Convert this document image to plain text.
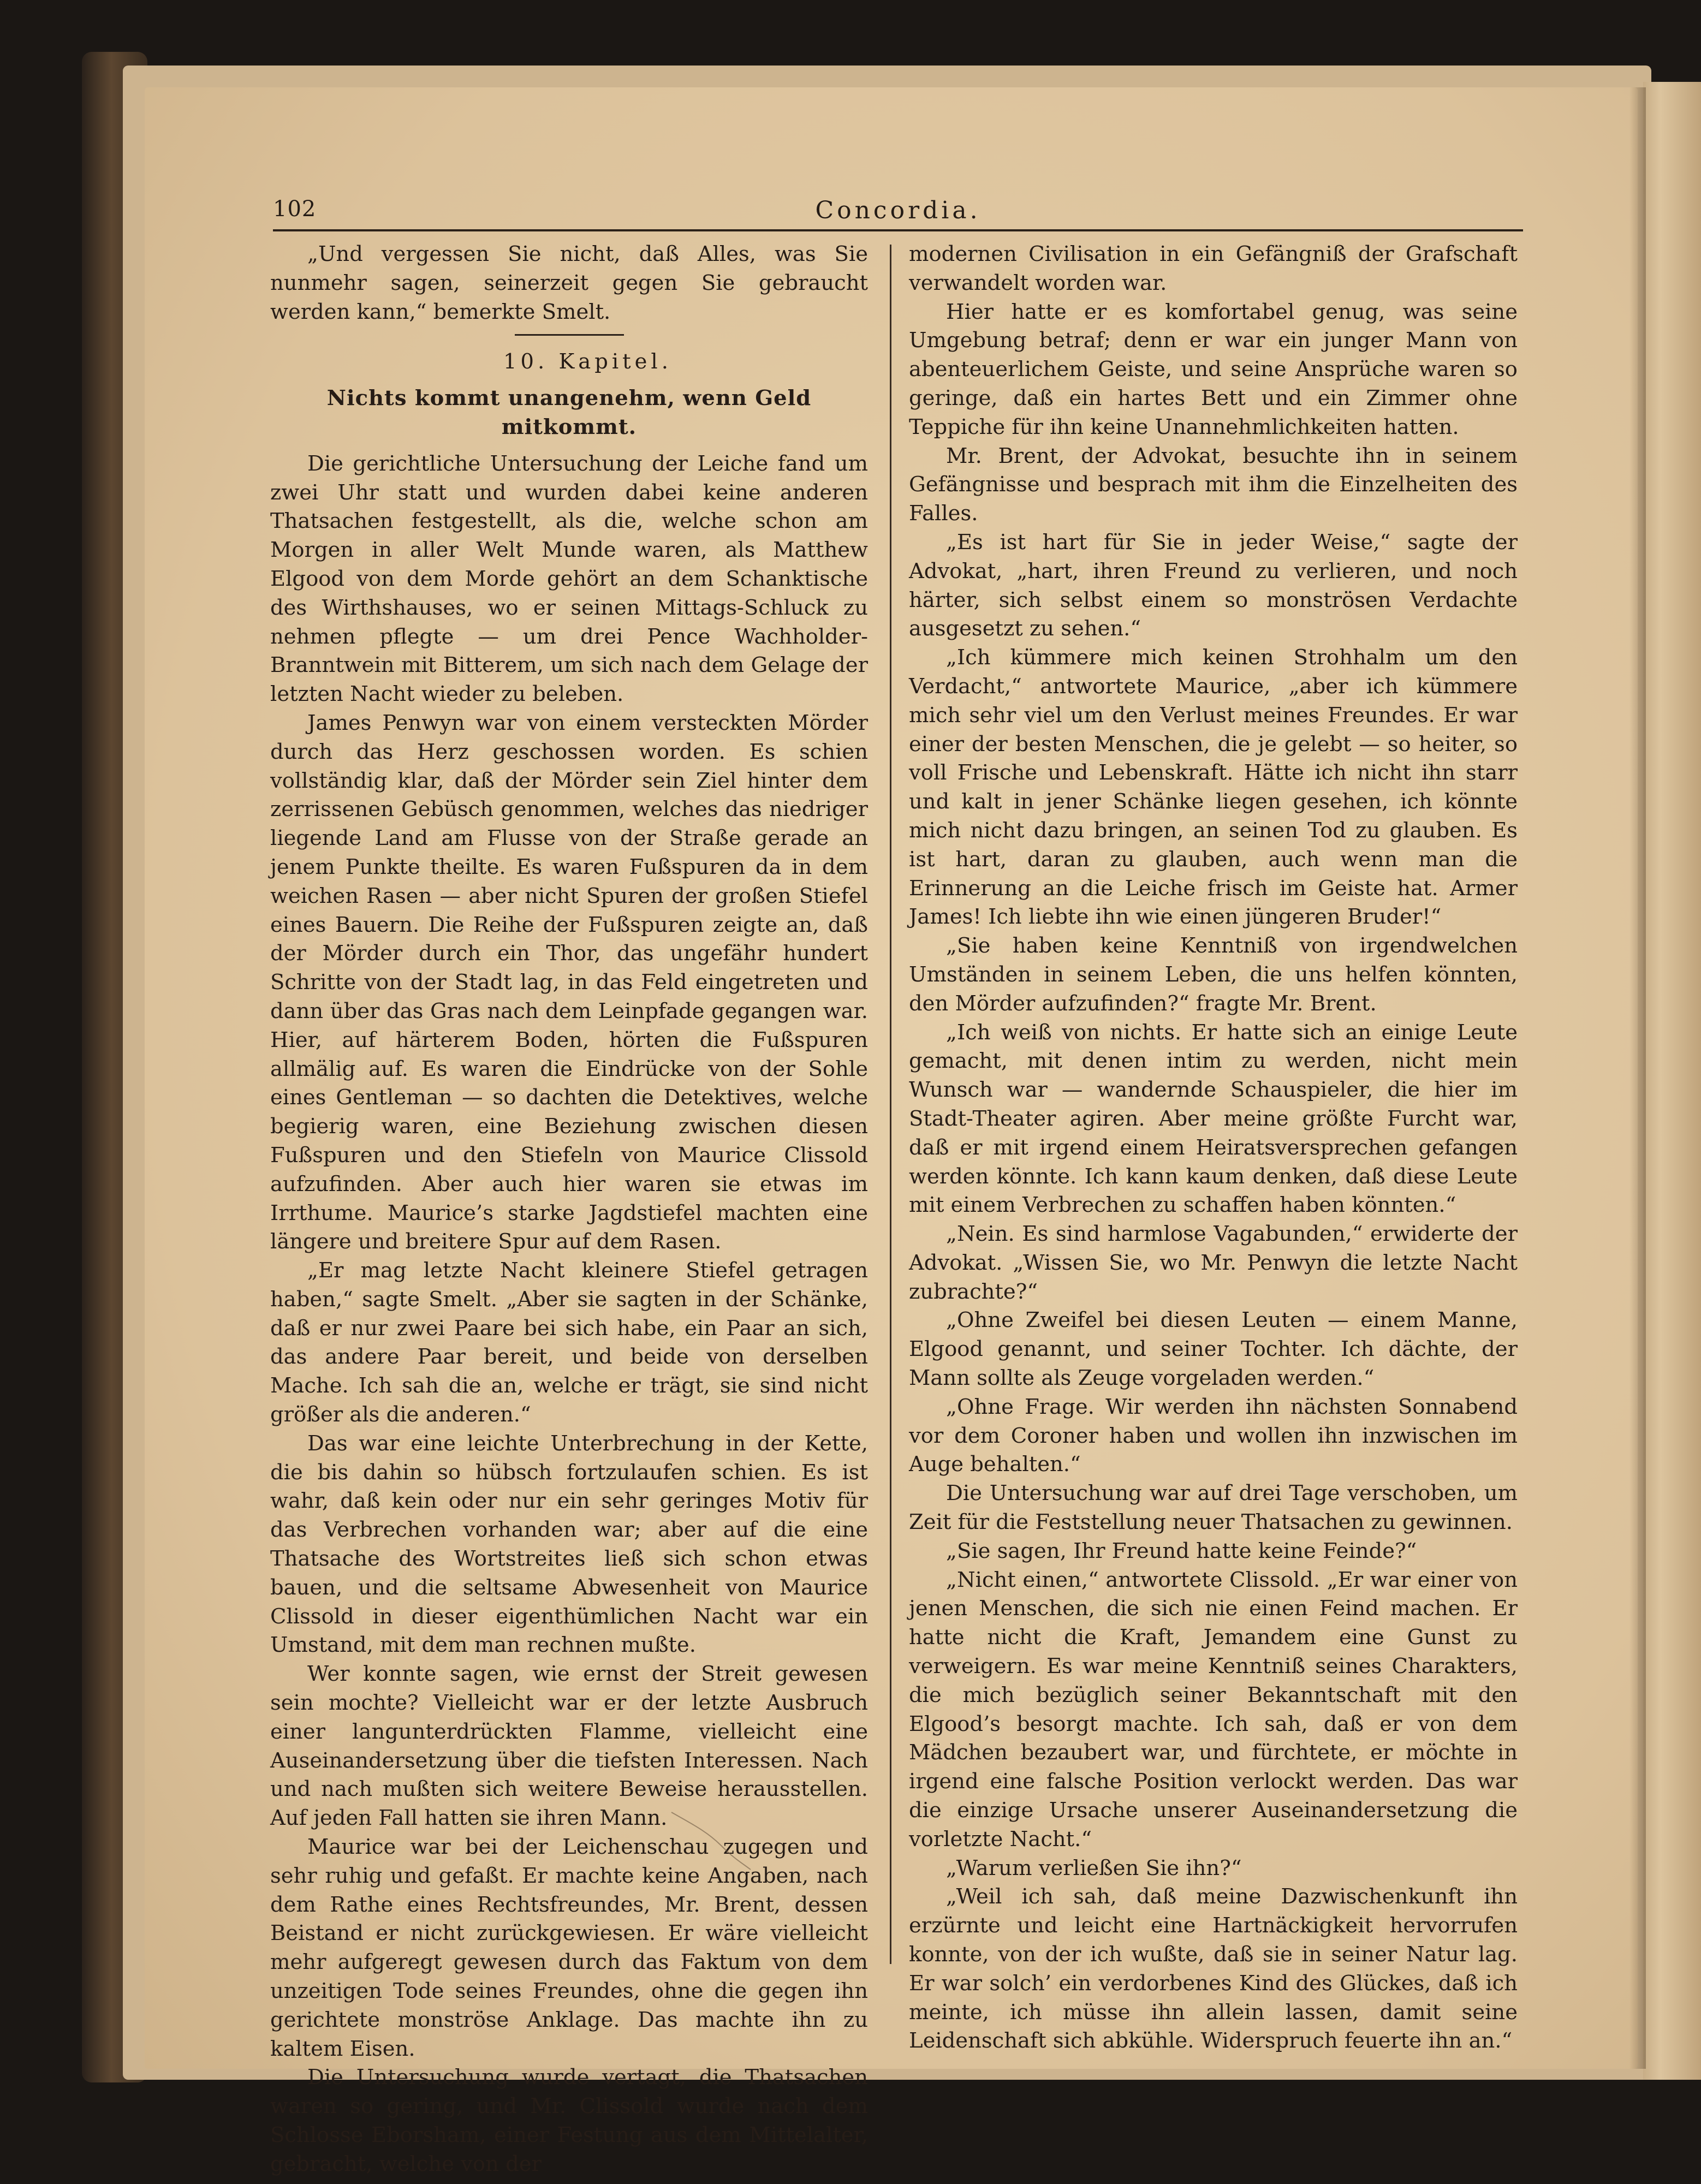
102	Concordia.

„Und vergessen Sie nicht, daß Alles, was Sie nunmehr sagen, seinerzeit gegen Sie gebraucht werden kann,“ bemerkte Smelt.

10. Kapitel.

Nichts kommt unangenehm, wenn Geld mitkommt.

Die gerichtliche Untersuchung der Leiche fand um zwei Uhr statt und wurden dabei keine anderen Thatsachen festgestellt, als die, welche schon am Morgen in aller Welt Munde waren, als Matthew Elgood von dem Morde gehört an dem Schanktische des Wirthshauses, wo er seinen Mittags-Schluck zu nehmen pflegte — um drei Pence Wachholder-Branntwein mit Bitterem, um sich nach dem Gelage der letzten Nacht wieder zu beleben.

James Penwyn war von einem versteckten Mörder durch das Herz geschossen worden. Es schien vollständig klar, daß der Mörder sein Ziel hinter dem zerrissenen Gebüsch genommen, welches das niedriger liegende Land am Flusse von der Straße gerade an jenem Punkte theilte. Es waren Fußspuren da in dem weichen Rasen — aber nicht Spuren der großen Stiefel eines Bauern. Die Reihe der Fußspuren zeigte an, daß der Mörder durch ein Thor, das ungefähr hundert Schritte von der Stadt lag, in das Feld eingetreten und dann über das Gras nach dem Leinpfade gegangen war. Hier, auf härterem Boden, hörten die Fußspuren allmälig auf. Es waren die Eindrücke von der Sohle eines Gentleman — so dachten die Detektives, welche begierig waren, eine Beziehung zwischen diesen Fußspuren und den Stiefeln von Maurice Clissold aufzufinden. Aber auch hier waren sie etwas im Irrthume. Maurice’s starke Jagdstiefel machten eine längere und breitere Spur auf dem Rasen.

„Er mag letzte Nacht kleinere Stiefel getragen haben,“ sagte Smelt. „Aber sie sagten in der Schänke, daß er nur zwei Paare bei sich habe, ein Paar an sich, das andere Paar bereit, und beide von derselben Mache. Ich sah die an, welche er trägt, sie sind nicht größer als die anderen.“

Das war eine leichte Unterbrechung in der Kette, die bis dahin so hübsch fortzulaufen schien. Es ist wahr, daß kein oder nur ein sehr geringes Motiv für das Verbrechen vorhanden war; aber auf die eine Thatsache des Wortstreites ließ sich schon etwas bauen, und die seltsame Abwesenheit von Maurice Clissold in dieser eigenthümlichen Nacht war ein Umstand, mit dem man rechnen mußte.

Wer konnte sagen, wie ernst der Streit gewesen sein mochte? Vielleicht war er der letzte Ausbruch einer langunterdrückten Flamme, vielleicht eine Auseinandersetzung über die tiefsten Interessen. Nach und nach mußten sich weitere Beweise herausstellen. Auf jeden Fall hatten sie ihren Mann.

Maurice war bei der Leichenschau zugegen und sehr ruhig und gefaßt. Er machte keine Angaben, nach dem Rathe eines Rechtsfreundes, Mr. Brent, dessen Beistand er nicht zurückgewiesen. Er wäre vielleicht mehr aufgeregt gewesen durch das Faktum von dem unzeitigen Tode seines Freundes, ohne die gegen ihn gerichtete monströse Anklage. Das machte ihn zu kaltem Eisen.

Die Untersuchung wurde vertagt, die Thatsachen waren so gering, und Mr. Clissold wurde nach dem Schlosse Eborsham, einer Festung aus dem Mittelalter, gebracht, welche von der

modernen Civilisation in ein Gefängniß der Grafschaft verwandelt worden war.

Hier hatte er es komfortabel genug, was seine Umgebung betraf; denn er war ein junger Mann von abenteuerlichem Geiste, und seine Ansprüche waren so geringe, daß ein hartes Bett und ein Zimmer ohne Teppiche für ihn keine Unannehmlichkeiten hatten.

Mr. Brent, der Advokat, besuchte ihn in seinem Gefängnisse und besprach mit ihm die Einzelheiten des Falles.

„Es ist hart für Sie in jeder Weise,“ sagte der Advokat, „hart, ihren Freund zu verlieren, und noch härter, sich selbst einem so monströsen Verdachte ausgesetzt zu sehen.“

„Ich kümmere mich keinen Strohhalm um den Verdacht,“ antwortete Maurice, „aber ich kümmere mich sehr viel um den Verlust meines Freundes. Er war einer der besten Menschen, die je gelebt — so heiter, so voll Frische und Lebenskraft. Hätte ich nicht ihn starr und kalt in jener Schänke liegen gesehen, ich könnte mich nicht dazu bringen, an seinen Tod zu glauben. Es ist hart, daran zu glauben, auch wenn man die Erinnerung an die Leiche frisch im Geiste hat. Armer James! Ich liebte ihn wie einen jüngeren Bruder!“

„Sie haben keine Kenntniß von irgendwelchen Umständen in seinem Leben, die uns helfen könnten, den Mörder aufzufinden?“ fragte Mr. Brent.

„Ich weiß von nichts. Er hatte sich an einige Leute gemacht, mit denen intim zu werden, nicht mein Wunsch war — wandernde Schauspieler, die hier im Stadt-Theater agiren. Aber meine größte Furcht war, daß er mit irgend einem Heiratsversprechen gefangen werden könnte. Ich kann kaum denken, daß diese Leute mit einem Verbrechen zu schaffen haben könnten.“

„Nein. Es sind harmlose Vagabunden,“ erwiderte der Advokat. „Wissen Sie, wo Mr. Penwyn die letzte Nacht zubrachte?“

„Ohne Zweifel bei diesen Leuten — einem Manne, Elgood genannt, und seiner Tochter. Ich dächte, der Mann sollte als Zeuge vorgeladen werden.“

„Ohne Frage. Wir werden ihn nächsten Sonnabend vor dem Coroner haben und wollen ihn inzwischen im Auge behalten.“

Die Untersuchung war auf drei Tage verschoben, um Zeit für die Feststellung neuer Thatsachen zu gewinnen.

„Sie sagen, Ihr Freund hatte keine Feinde?“

„Nicht einen,“ antwortete Clissold. „Er war einer von jenen Menschen, die sich nie einen Feind machen. Er hatte nicht die Kraft, Jemandem eine Gunst zu verweigern. Es war meine Kenntniß seines Charakters, die mich bezüglich seiner Bekanntschaft mit den Elgood’s besorgt machte. Ich sah, daß er von dem Mädchen bezaubert war, und fürchtete, er möchte in irgend eine falsche Position verlockt werden. Das war die einzige Ursache unserer Auseinandersetzung die vorletzte Nacht.“

„Warum verließen Sie ihn?“

„Weil ich sah, daß meine Dazwischenkunft ihn erzürnte und leicht eine Hartnäckigkeit hervorrufen konnte, von der ich wußte, daß sie in seiner Natur lag. Er war solch’ ein verdorbenes Kind des Glückes, daß ich meinte, ich müsse ihn allein lassen, damit seine Leidenschaft sich abkühle. Widerspruch feuerte ihn an.“
